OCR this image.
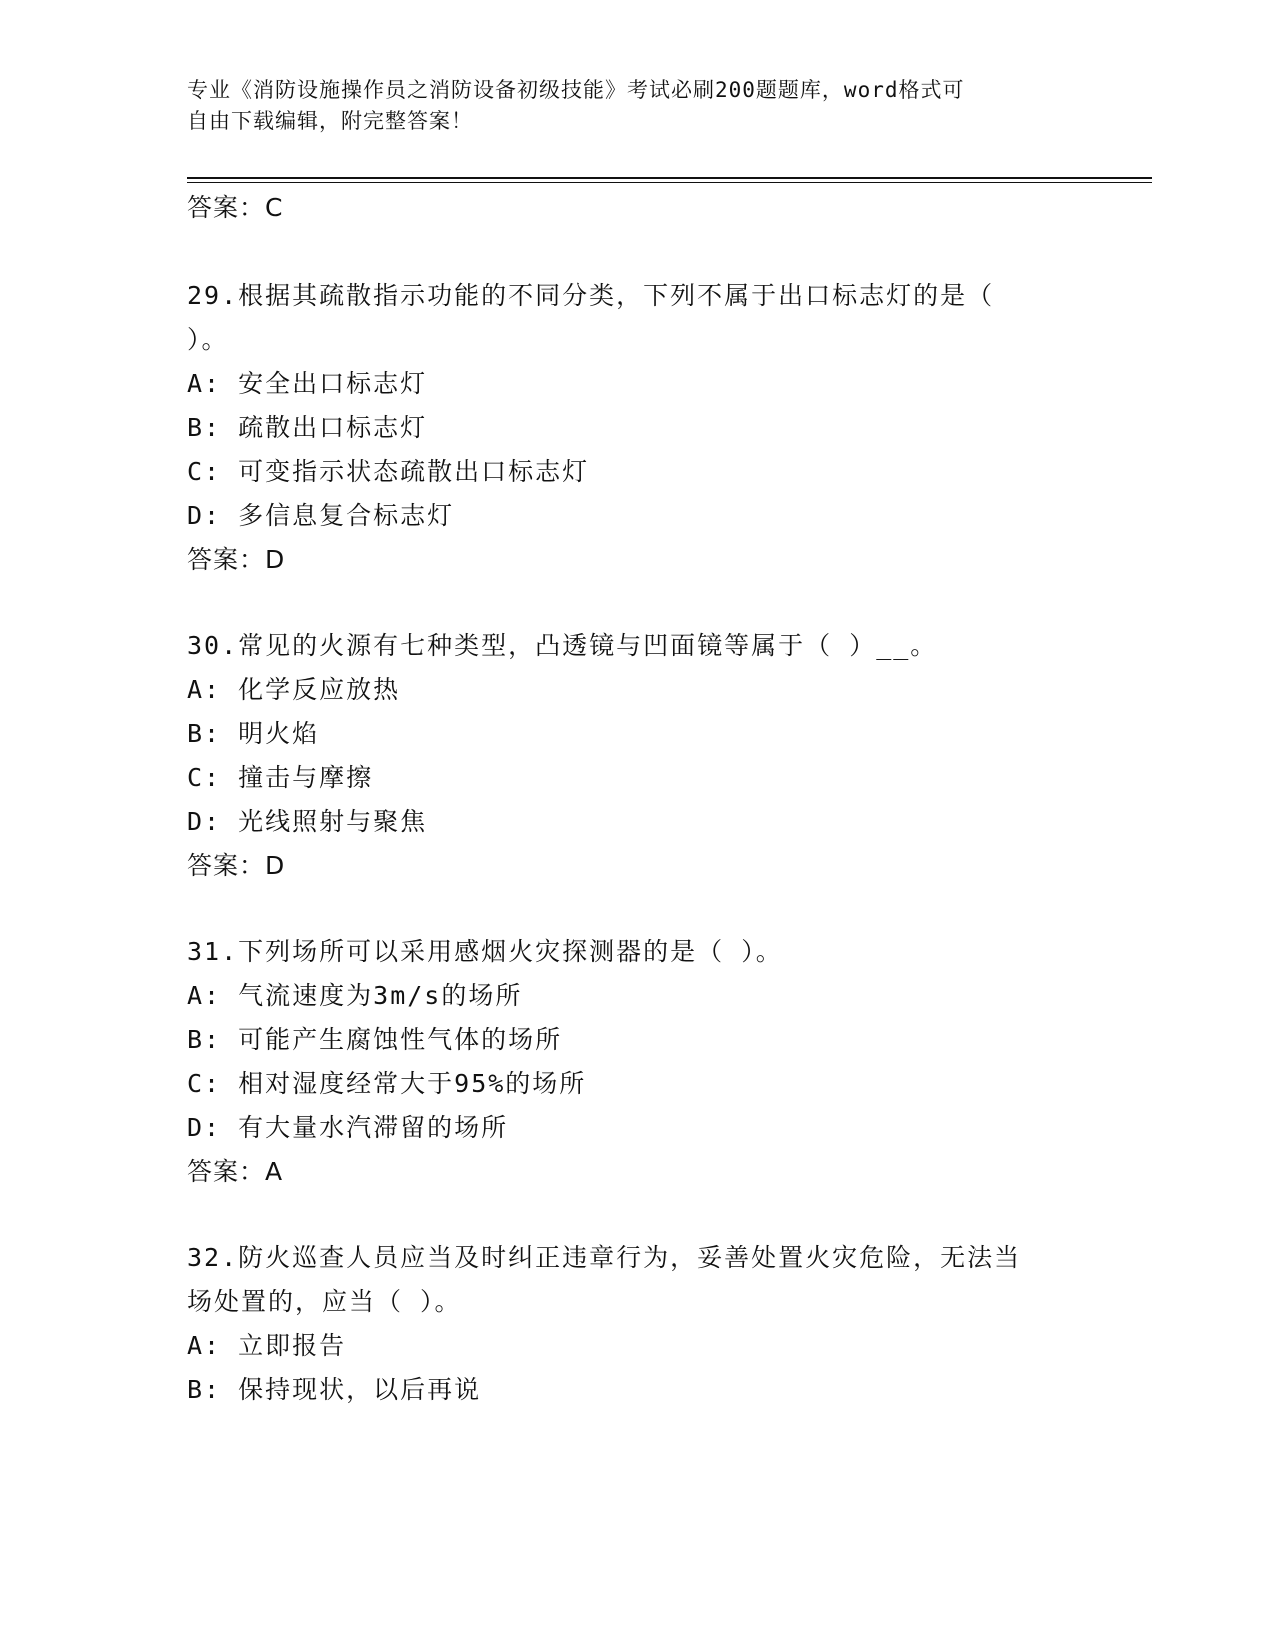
专业《消防设施操作员之消防设备初级技能》考试必刷200题题库，word格式可
自由下载编辑，附完整答案！
答案：C
29.根据其疏散指示功能的不同分类，下列不属于出口标志灯的是（
）。
A: 安全出口标志灯
B: 疏散出口标志灯
C: 可变指示状态疏散出口标志灯
D: 多信息复合标志灯
答案：D
30.常见的火源有七种类型，凸透镜与凹面镜等属于（ ）__。
A: 化学反应放热
B: 明火焰
C: 撞击与摩擦
D: 光线照射与聚焦
答案：D
31.下列场所可以采用感烟火灾探测器的是（ ）。
A: 气流速度为3m/s的场所
B: 可能产生腐蚀性气体的场所
C: 相对湿度经常大于95%的场所
D: 有大量水汽滞留的场所
答案：A
32.防火巡查人员应当及时纠正违章行为，妥善处置火灾危险，无法当
场处置的，应当（ ）。
A: 立即报告
B: 保持现状，以后再说
